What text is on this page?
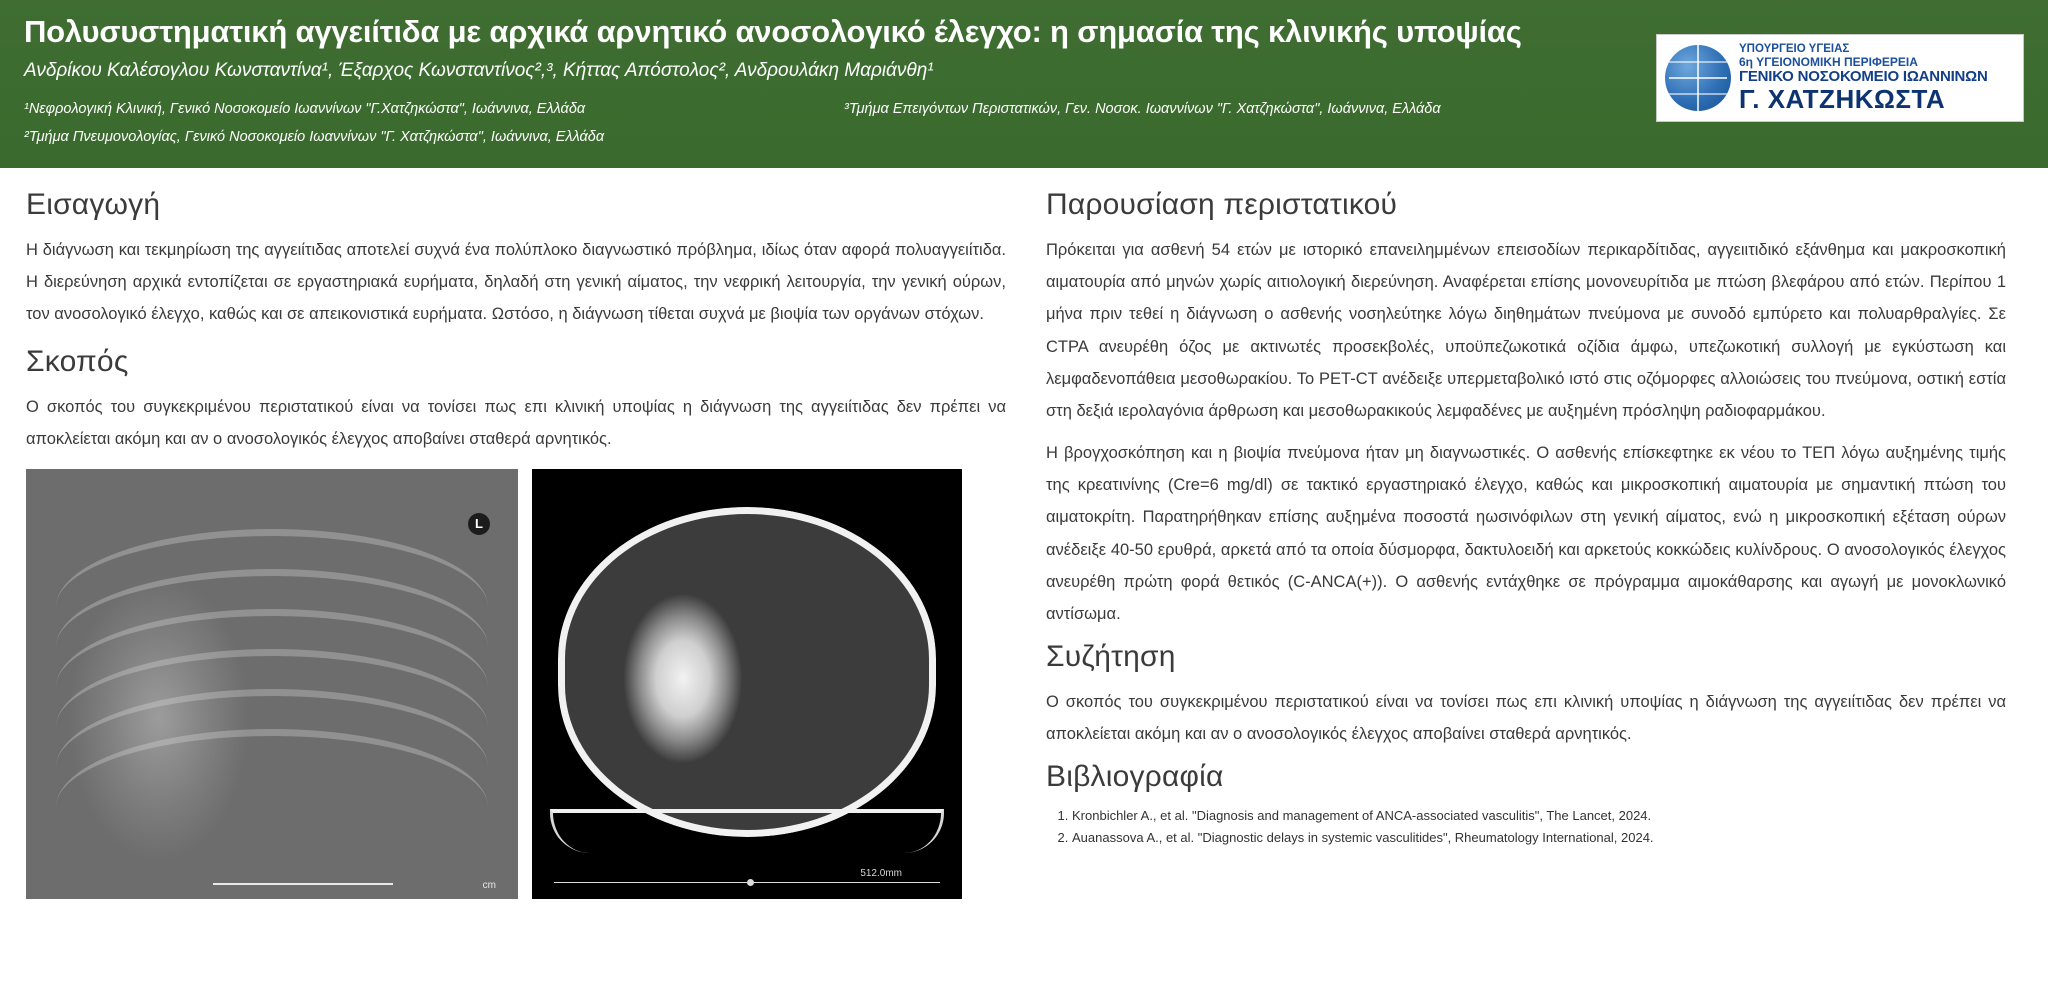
Πολυσυστηματική αγγειίτιδα με αρχικά αρνητικό ανοσολογικό έλεγχο: η σημασία της κλινικής υποψίας
Ανδρίκου Καλέσογλου Κωνσταντίνα¹, Έξαρχος Κωνσταντίνος²,³, Κήττας Απόστολος², Ανδρουλάκη Μαριάνθη¹
¹Νεφρολογική Κλινική, Γενικό Νοσοκομείο Ιωαννίνων "Γ.Χατζηκώστα", Ιωάννινα, Ελλάδα	³Τμήμα Επειγόντων Περιστατικών, Γεν. Νοσοκ. Ιωαννίνων "Γ. Χατζηκώστα", Ιωάννινα, Ελλάδα
²Τμήμα Πνευμονολογίας, Γενικό Νοσοκομείο Ιωαννίνων "Γ. Χατζηκώστα", Ιωάννινα, Ελλάδα
ΥΠΟΥΡΓΕΙΟ ΥΓΕΙΑΣ
6η ΥΓΕΙΟΝΟΜΙΚΗ ΠΕΡΙΦΕΡΕΙΑ
ΓΕΝΙΚΟ ΝΟΣΟΚΟΜΕΙΟ ΙΩΑΝΝΙΝΩΝ
Γ. ΧΑΤΖΗΚΩΣΤΑ
Εισαγωγή

Η διάγνωση και τεκμηρίωση της αγγειίτιδας αποτελεί συχνά ένα πολύπλοκο διαγνωστικό πρόβλημα, ιδίως όταν αφορά πολυαγγειίτιδα. Η διερεύνηση αρχικά εντοπίζεται σε εργαστηριακά ευρήματα, δηλαδή στη γενική αίματος, την νεφρική λειτουργία, την γενική ούρων, τον ανοσολογικό έλεγχο, καθώς και σε απεικονιστικά ευρήματα. Ωστόσο, η διάγνωση τίθεται συχνά με βιοψία των οργάνων στόχων.

Σκοπός

Ο σκοπός του συγκεκριμένου περιστατικού είναι να τονίσει πως επι κλινική υποψίας η διάγνωση της αγγειίτιδας δεν πρέπει να αποκλείεται ακόμη και αν ο ανοσολογικός έλεγχος αποβαίνει σταθερά αρνητικός.

L
cm
512.0mm
Παρουσίαση περιστατικού

Πρόκειται για ασθενή 54 ετών με ιστορικό επανειλημμένων επεισοδίων περικαρδίτιδας, αγγειιτιδικό εξάνθημα και μακροσκοπική αιματουρία από μηνών χωρίς αιτιολογική διερεύνηση. Αναφέρεται επίσης μονονευρίτιδα με πτώση βλεφάρου από ετών. Περίπου 1 μήνα πριν τεθεί η διάγνωση ο ασθενής νοσηλεύτηκε λόγω διηθημάτων πνεύμονα με συνοδό εμπύρετο και πολυαρθραλγίες. Σε CTPA ανευρέθη όζος με ακτινωτές προσεκβολές, υποϋπεζωκοτικά οζίδια άμφω, υπεζωκοτική συλλογή με εγκύστωση και λεμφαδενοπάθεια μεσοθωρακίου. Το PET-CT ανέδειξε υπερμεταβολικό ιστό στις οζόμορφες αλλοιώσεις του πνεύμονα, οστική εστία στη δεξιά ιερολαγόνια άρθρωση και μεσοθωρακικούς λεμφαδένες με αυξημένη πρόσληψη ραδιοφαρμάκου.

Η βρογχοσκόπηση και η βιοψία πνεύμονα ήταν μη διαγνωστικές. Ο ασθενής επίσκεφτηκε εκ νέου το ΤΕΠ λόγω αυξημένης τιμής της κρεατινίνης (Cre=6 mg/dl) σε τακτικό εργαστηριακό έλεγχο, καθώς και μικροσκοπική αιματουρία με σημαντική πτώση του αιματοκρίτη. Παρατηρήθηκαν επίσης αυξημένα ποσοστά ηωσινόφιλων στη γενική αίματος, ενώ η μικροσκοπική εξέταση ούρων ανέδειξε 40-50 ερυθρά, αρκετά από τα οποία δύσμορφα, δακτυλοειδή και αρκετούς κοκκώδεις κυλίνδρους. Ο ανοσολογικός έλεγχος ανευρέθη πρώτη φορά θετικός (C-ANCA(+)). Ο ασθενής εντάχθηκε σε πρόγραμμα αιμοκάθαρσης και αγωγή με μονοκλωνικό αντίσωμα.

Συζήτηση

Ο σκοπός του συγκεκριμένου περιστατικού είναι να τονίσει πως επι κλινική υποψίας η διάγνωση της αγγειίτιδας δεν πρέπει να αποκλείεται ακόμη και αν ο ανοσολογικός έλεγχος αποβαίνει σταθερά αρνητικός.

Βιβλιογραφία
1. Kronbichler A., et al. "Diagnosis and management of ANCA-associated vasculitis", The Lancet, 2024.
2. Auanassova A., et al. "Diagnostic delays in systemic vasculitides", Rheumatology International, 2024.
